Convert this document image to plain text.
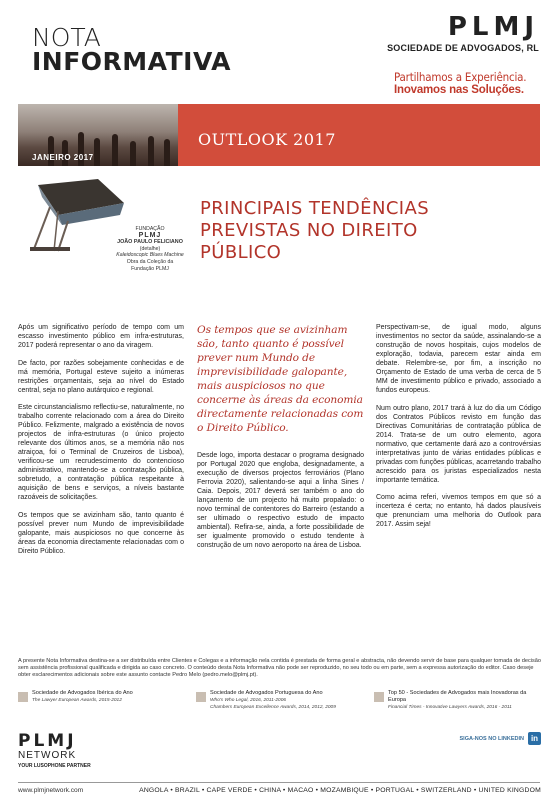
NOTA
INFORMATIVA
PLMJ
SOCIEDADE DE ADVOGADOS, RL
Partilhamos a Experiência.
Inovamos nas Soluções.
JANEIRO 2017
OUTLOOK 2017
FUNDAÇÃO
PLMJ
JOÃO PAULO FELICIANO
(detalhe)
Kaleidoscopic Blues Machine
Obra da Coleção da
Fundação PLMJ
PRINCIPAIS TENDÊNCIAS PREVISTAS NO DIREITO PÚBLICO

Após um significativo período de tempo com um escasso investimento público em infra-estruturas, 2017 poderá representar o ano da viragem.

De facto, por razões sobejamente conhecidas e de má memória, Portugal esteve sujeito a inúmeras restrições orçamentais, seja ao nível do Estado central, seja no plano autárquico e regional.

Este circunstancialismo reflectiu-se, naturalmente, no trabalho corrente relacionado com a área do Direito Público. Felizmente, malgrado a existência de novos projectos de infra-estruturas (o único projecto relevante dos últimos anos, se a memória não nos atraiçoa, foi o Terminal de Cruzeiros de Lisboa), verificou-se um recrudescimento do contencioso administrativo, mantendo-se a contratação pública, sobretudo, a contratação pública respeitante à aquisição de bens e serviços, a níveis bastante razoáveis de solicitações.

Os tempos que se avizinham são, tanto quanto é possível prever num Mundo de imprevisibilidade galopante, mais auspiciosos no que concerne às áreas da economia directamente relacionadas com o Direito Público.

Os tempos que se avizinham são, tanto quanto é possível prever num Mundo de imprevisibilidade galopante, mais auspiciosos no que concerne às áreas da economia directamente relacionadas com o Direito Público.

Desde logo, importa destacar o programa designado por Portugal 2020 que engloba, designadamente, a execução de diversos projectos ferroviários (Plano Ferrovia 2020), salientando-se aqui a linha Sines / Caia. Depois, 2017 deverá ser também o ano do lançamento de um projecto há muito propalado: o novo terminal de contentores do Barreiro (estando a ser ultimado o respectivo estudo de impacto ambiental). Refira-se, ainda, a forte possibilidade de ser igualmente promovido o estudo tendente à construção de um novo aeroporto na área de Lisboa.

Perspectivam-se, de igual modo, alguns investimentos no sector da saúde, assinalando-se a construção de novos hospitais, cujos modelos de exploração, todavia, parecem estar ainda em debate. Relembre-se, por fim, a inscrição no Orçamento de Estado de uma verba de cerca de 5 MM de investimento público e privado, associado a fundos europeus.

Num outro plano, 2017 trará à luz do dia um Código dos Contratos Públicos revisto em função das Directivas Comunitárias de contratação pública de 2014. Trata-se de um outro elemento, agora normativo, que certamente dará azo a controvérsias interpretativas junto de várias entidades públicas e privadas com funções públicas, acarretando trabalho acrescido para os juristas especializados nesta importante temática.

Como acima referi, vivemos tempos em que só a incerteza é certa; no entanto, há dados plausíveis que prenunciam uma melhoria do Outlook para 2017. Assim seja!

A presente Nota Informativa destina-se a ser distribuída entre Clientes e Colegas e a informação nela contida é prestada de forma geral e abstracta, não devendo servir de base para qualquer tomada de decisão sem assistência profissional qualificada e dirigida ao caso concreto. O conteúdo desta Nota Informativa não pode ser reproduzido, no seu todo ou em parte, sem a expressa autorização do editor. Caso deseje obter esclarecimentos adicionais sobre este assunto contacte Pedro Melo (pedro.melo@plmj.pt).
Sociedade de Advogados Ibérica do Ano
The Lawyer European Awards, 2015-2012
Sociedade de Advogados Portuguesa do Ano
Who's Who Legal, 2016, 2011-2006
Chambers European Excellence Awards, 2014, 2012, 2009
Top 50 - Sociedades de Advogados mais Inovadoras da Europa
Financial Times - Innovative Lawyers Awards, 2016 - 2011
PLMJ
NETWORK
YOUR LUSOPHONE PARTNER
SIGA-NOS NO LINKEDIN in
www.plmjnetwork.com	ANGOLA • BRAZIL • CAPE VERDE • CHINA • MACAO • MOZAMBIQUE • PORTUGAL • SWITZERLAND • UNITED KINGDOM
